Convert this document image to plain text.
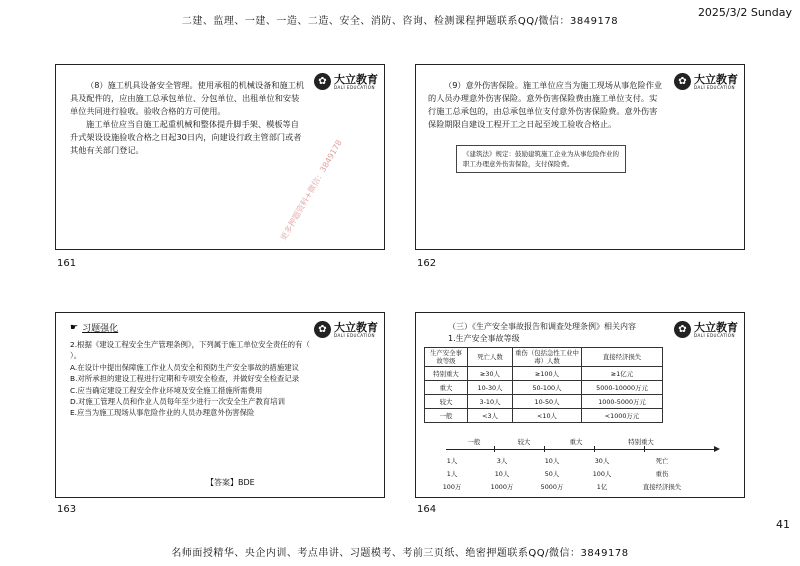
二建、监理、一建、一造、二造、安全、消防、咨询、检测课程押题联系QQ/微信：3849178
2025/3/2 Sunday
✿ 大立教育
DALI EDUCATION

（8）施工机具设备安全管理。使用承租的机械设备和施工机具及配件的，应由施工总承包单位、分包单位、出租单位和安装单位共同进行验收。验收合格的方可使用。

施工单位应当自施工起重机械和整体提升脚手架、模板等自升式架设设施验收合格之日起30日内，向建设行政主管部门或者其他有关部门登记。	更多押题资料+微信：3849178
161
✿ 大立教育
DALI EDUCATION

（9）意外伤害保险。施工单位应当为施工现场从事危险作业的人员办理意外伤害保险。意外伤害保险费由施工单位支付。实行施工总承包的，由总承包单位支付意外伤害保险费。意外伤害保险期限自建设工程开工之日起至竣工验收合格止。

《建筑法》规定：鼓励建筑施工企业为从事危险作业的职工办理意外伤害保险，支付保险费。
162
☛ 习题强化	✿ 大立教育
DALI EDUCATION

2.根据《建设工程安全生产管理条例》，下列属于施工单位安全责任的有（ ）。

A.在设计中提出保障施工作业人员安全和预防生产安全事故的措施建议

B.对所承担的建设工程进行定期和专项安全检查，并做好安全检查记录

C.应当确定建设工程安全作业环境及安全施工措施所需费用

D.对施工管理人员和作业人员每年至少进行一次安全生产教育培训

E.应当为施工现场从事危险作业的人员办理意外伤害保险

【答案】BDE
163
（三）《生产安全事故报告和调查处理条例》相关内容
1.生产安全事故等级
✿ 大立教育
DALI EDUCATION
生产安全事故等级	死亡人数	重伤（包括急性工业中毒）人数	直接经济损失
特别重大	≥30人	≥100人	≥1亿元
重大	10-30人	50-100人	5000-10000万元
较大	3-10人	10-50人	1000-5000万元
一般	<3人	<10人	<1000万元
一般	较大	重大	特别重大
1人
1人
100万
3人
10人
1000万
10人
50人
5000万
30人
100人
1亿
死亡
重伤
直接经济损失
164
41
名师面授精华、央企内训、考点串讲、习题模考、考前三页纸、绝密押题联系QQ/微信：3849178
